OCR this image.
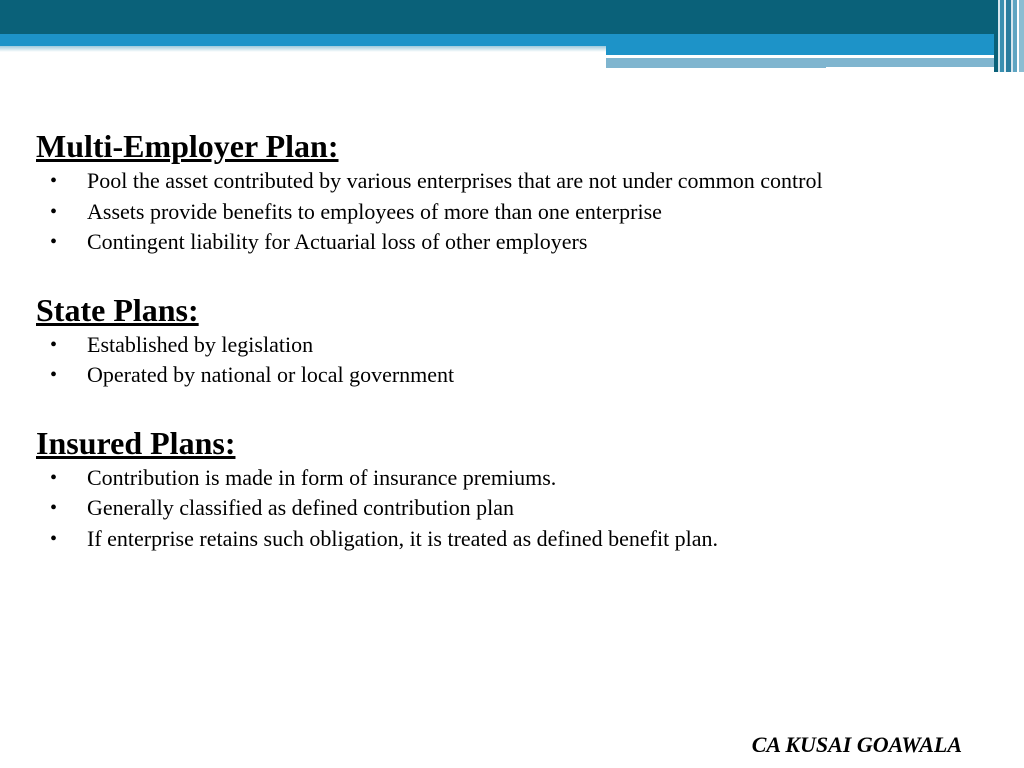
Multi-Employer Plan:
• Pool the asset contributed by various enterprises that are not under common control
• Assets provide benefits to employees of more than one enterprise
• Contingent liability for Actuarial loss of other employers
State Plans:
• Established by legislation
• Operated by national or local government
Insured Plans:
• Contribution is made in form of insurance premiums.
• Generally classified as defined contribution plan
• If enterprise retains such obligation, it is treated as defined benefit plan.
CA KUSAI GOAWALA
